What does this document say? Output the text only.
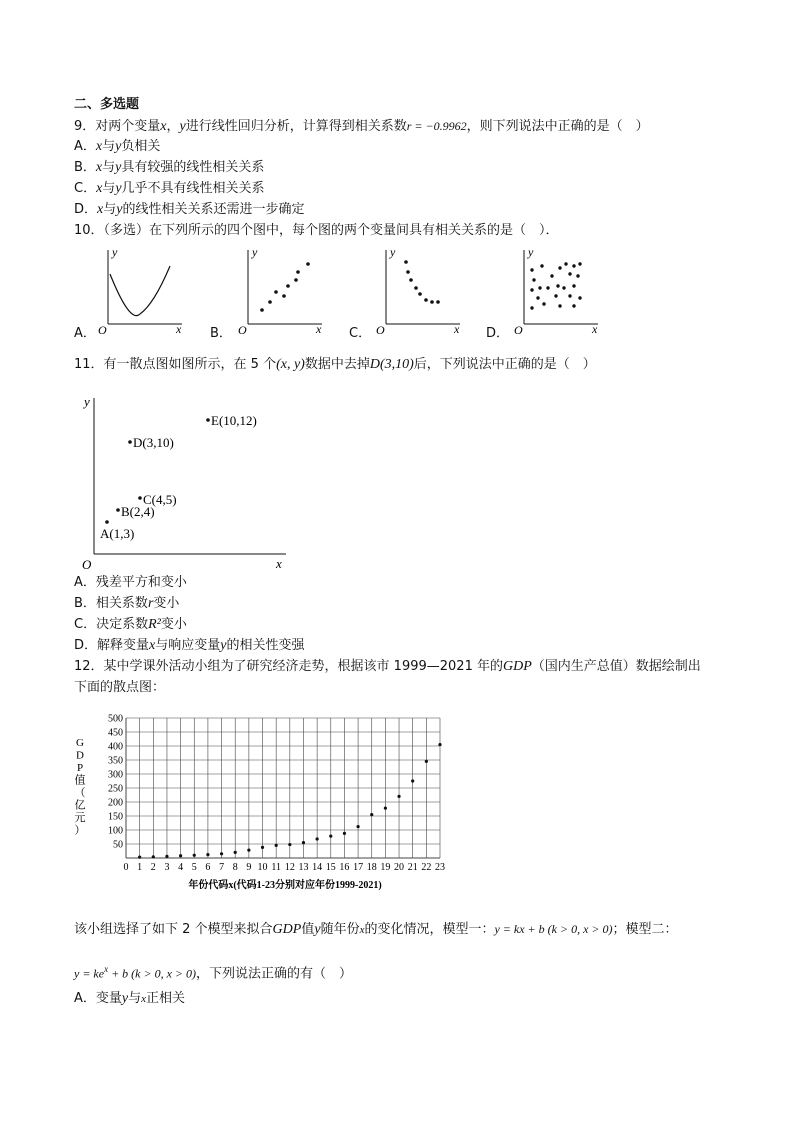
二、多选题
9．对两个变量x，y进行线性回归分析，计算得到相关系数r = −0.9962，则下列说法中正确的是（　）
A．x与y负相关
B．x与y具有较强的线性相关关系
C．x与y几乎不具有线性相关关系
D．x与y的线性相关关系还需进一步确定
10．（多选）在下列所示的四个图中，每个图的两个变量间具有相关关系的是（　）．
y
x
O
A．
y
x
O
B．
y
x
O
C．
y
x
O
D．
11．有一散点图如图所示，在 5 个(x, y)数据中去掉D(3,10)后，下列说法中正确的是（　）
y
x
O
A(1,3)
B(2,4)
C(4,5)
D(3,10)
E(10,12)
A．残差平方和变小
B．相关系数r变小
C．决定系数R²变小
D．解释变量x与响应变量y的相关性变强
12．某中学课外活动小组为了研究经济走势，根据该市 1999—2021 年的GDP（国内生产总值）数据绘制出
下面的散点图：
50
100
150
200
250
300
350
400
450
500
0 1 2 3 4 5 6 7 8 9 10 11 12 13 14 15 16 17 18 19 20 21 22 23
G D P 值（亿元）
年份代码x(代码1-23分别对应年份1999-2021)
该小组选择了如下 2 个模型来拟合GDP值y随年份x的变化情况，模型一：y = kx + b (k > 0, x > 0)；模型二：
$y = ke^x + b$ (k > 0, x > 0)，下列说法正确的有（　）
A．变量y与x正相关
